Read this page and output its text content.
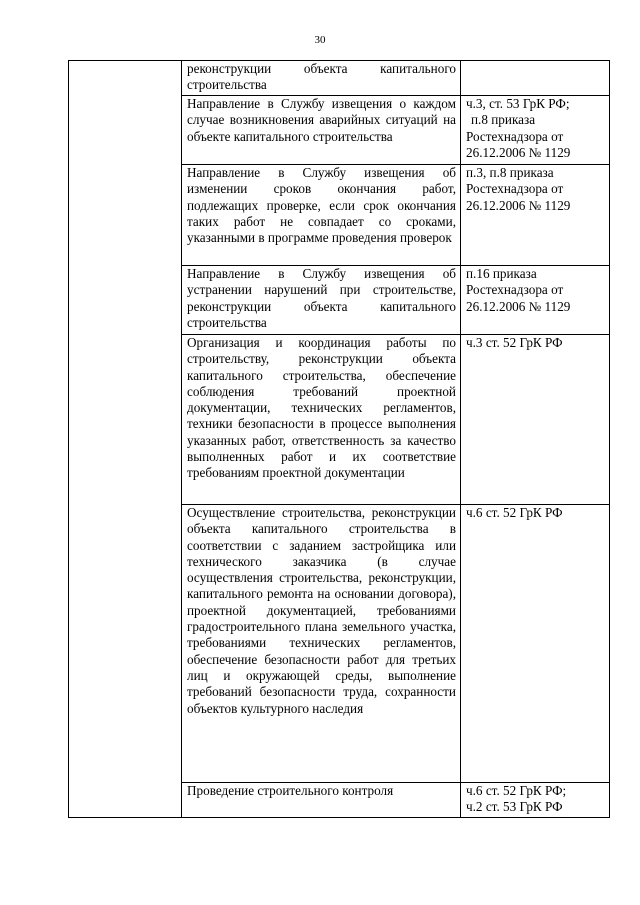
30
	реконструкции объекта капитального строительства	
	Направление в Службу извещения о каждом случае возникновения аварийных ситуаций на объекте капитального строительства	ч.3, ст. 53 ГрК РФ;
п.8 приказа
Ростехнадзора от
26.12.2006 № 1129

	Направление в Службу извещения об изменении сроков окончания работ, подлежащих проверке, если срок окончания таких работ не совпадает со сроками, указанными в программе проведения проверок	п.3, п.8 приказа
Ростехнадзора от
26.12.2006 № 1129

	Направление в Службу извещения об устранении нарушений при строительстве, реконструкции объекта капитального строительства	п.16 приказа
Ростехнадзора от
26.12.2006 № 1129

	Организация и координация работы по строительству, реконструкции объекта капитального строительства, обеспечение соблюдения требований проектной документации, технических регламентов, техники безопасности в процессе выполнения указанных работ, ответственность за качество выполненных работ и их соответствие требованиям проектной документации	ч.3 ст. 52 ГрК РФ

	Осуществление строительства, реконструкции объекта капитального строительства в соответствии с заданием застройщика или технического заказчика (в случае осуществления строительства, реконструкции, капитального ремонта на основании договора), проектной документацией, требованиями градостроительного плана земельного участка, требованиями технических регламентов, обеспечение безопасности работ для третьих лиц и окружающей среды, выполнение требований безопасности труда, сохранности объектов культурного наследия	ч.6 ст. 52 ГрК РФ

	Проведение строительного контроля	ч.6 ст. 52 ГрК РФ;
ч.2 ст. 53 ГрК РФ
